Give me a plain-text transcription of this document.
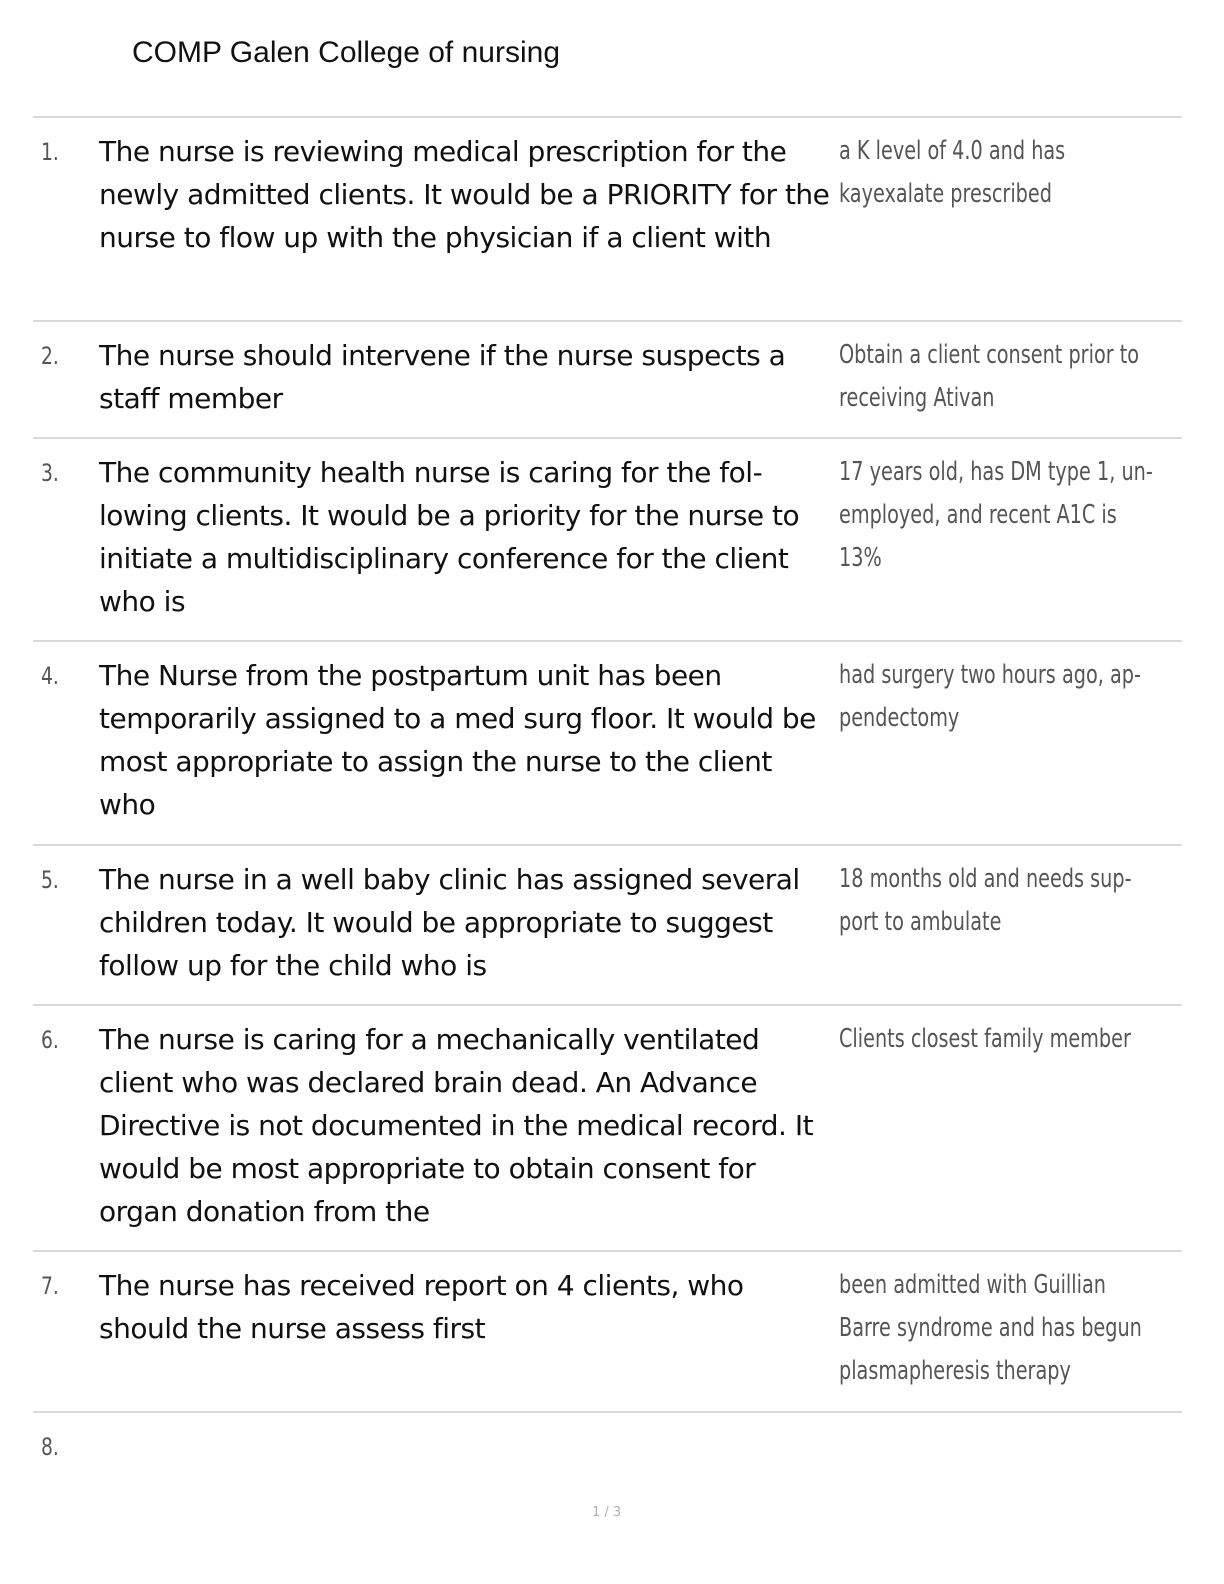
COMP Galen College of nursing
1. The nurse is reviewing medical prescription for the newly admitted clients. It would be a PRIORITY for the nurse to flow up with the physician if a client with
a K level of 4.0 and has kayexalate prescribed
2. The nurse should intervene if the nurse suspects a staff member
Obtain a client consent prior to receiving Ativan
3. The community health nurse is caring for the fol-lowing clients. It would be a priority for the nurse to initiate a multidisciplinary conference for the client who is
17 years old, has DM type 1, un-employed, and recent A1C is 13%
4. The Nurse from the postpartum unit has been temporarily assigned to a med surg floor. It would be most appropriate to assign the nurse to the client who
had surgery two hours ago, ap-pendectomy
5. The nurse in a well baby clinic has assigned several children today. It would be appropriate to suggest follow up for the child who is
18 months old and needs sup-port to ambulate
6. The nurse is caring for a mechanically ventilated client who was declared brain dead. An Advance Directive is not documented in the medical record. It would be most appropriate to obtain consent for organ donation from the
Clients closest family member
7. The nurse has received report on 4 clients, who should the nurse assess first
been admitted with Guillian Barre syndrome and has begun plasmapheresis therapy
8.
1 / 3
